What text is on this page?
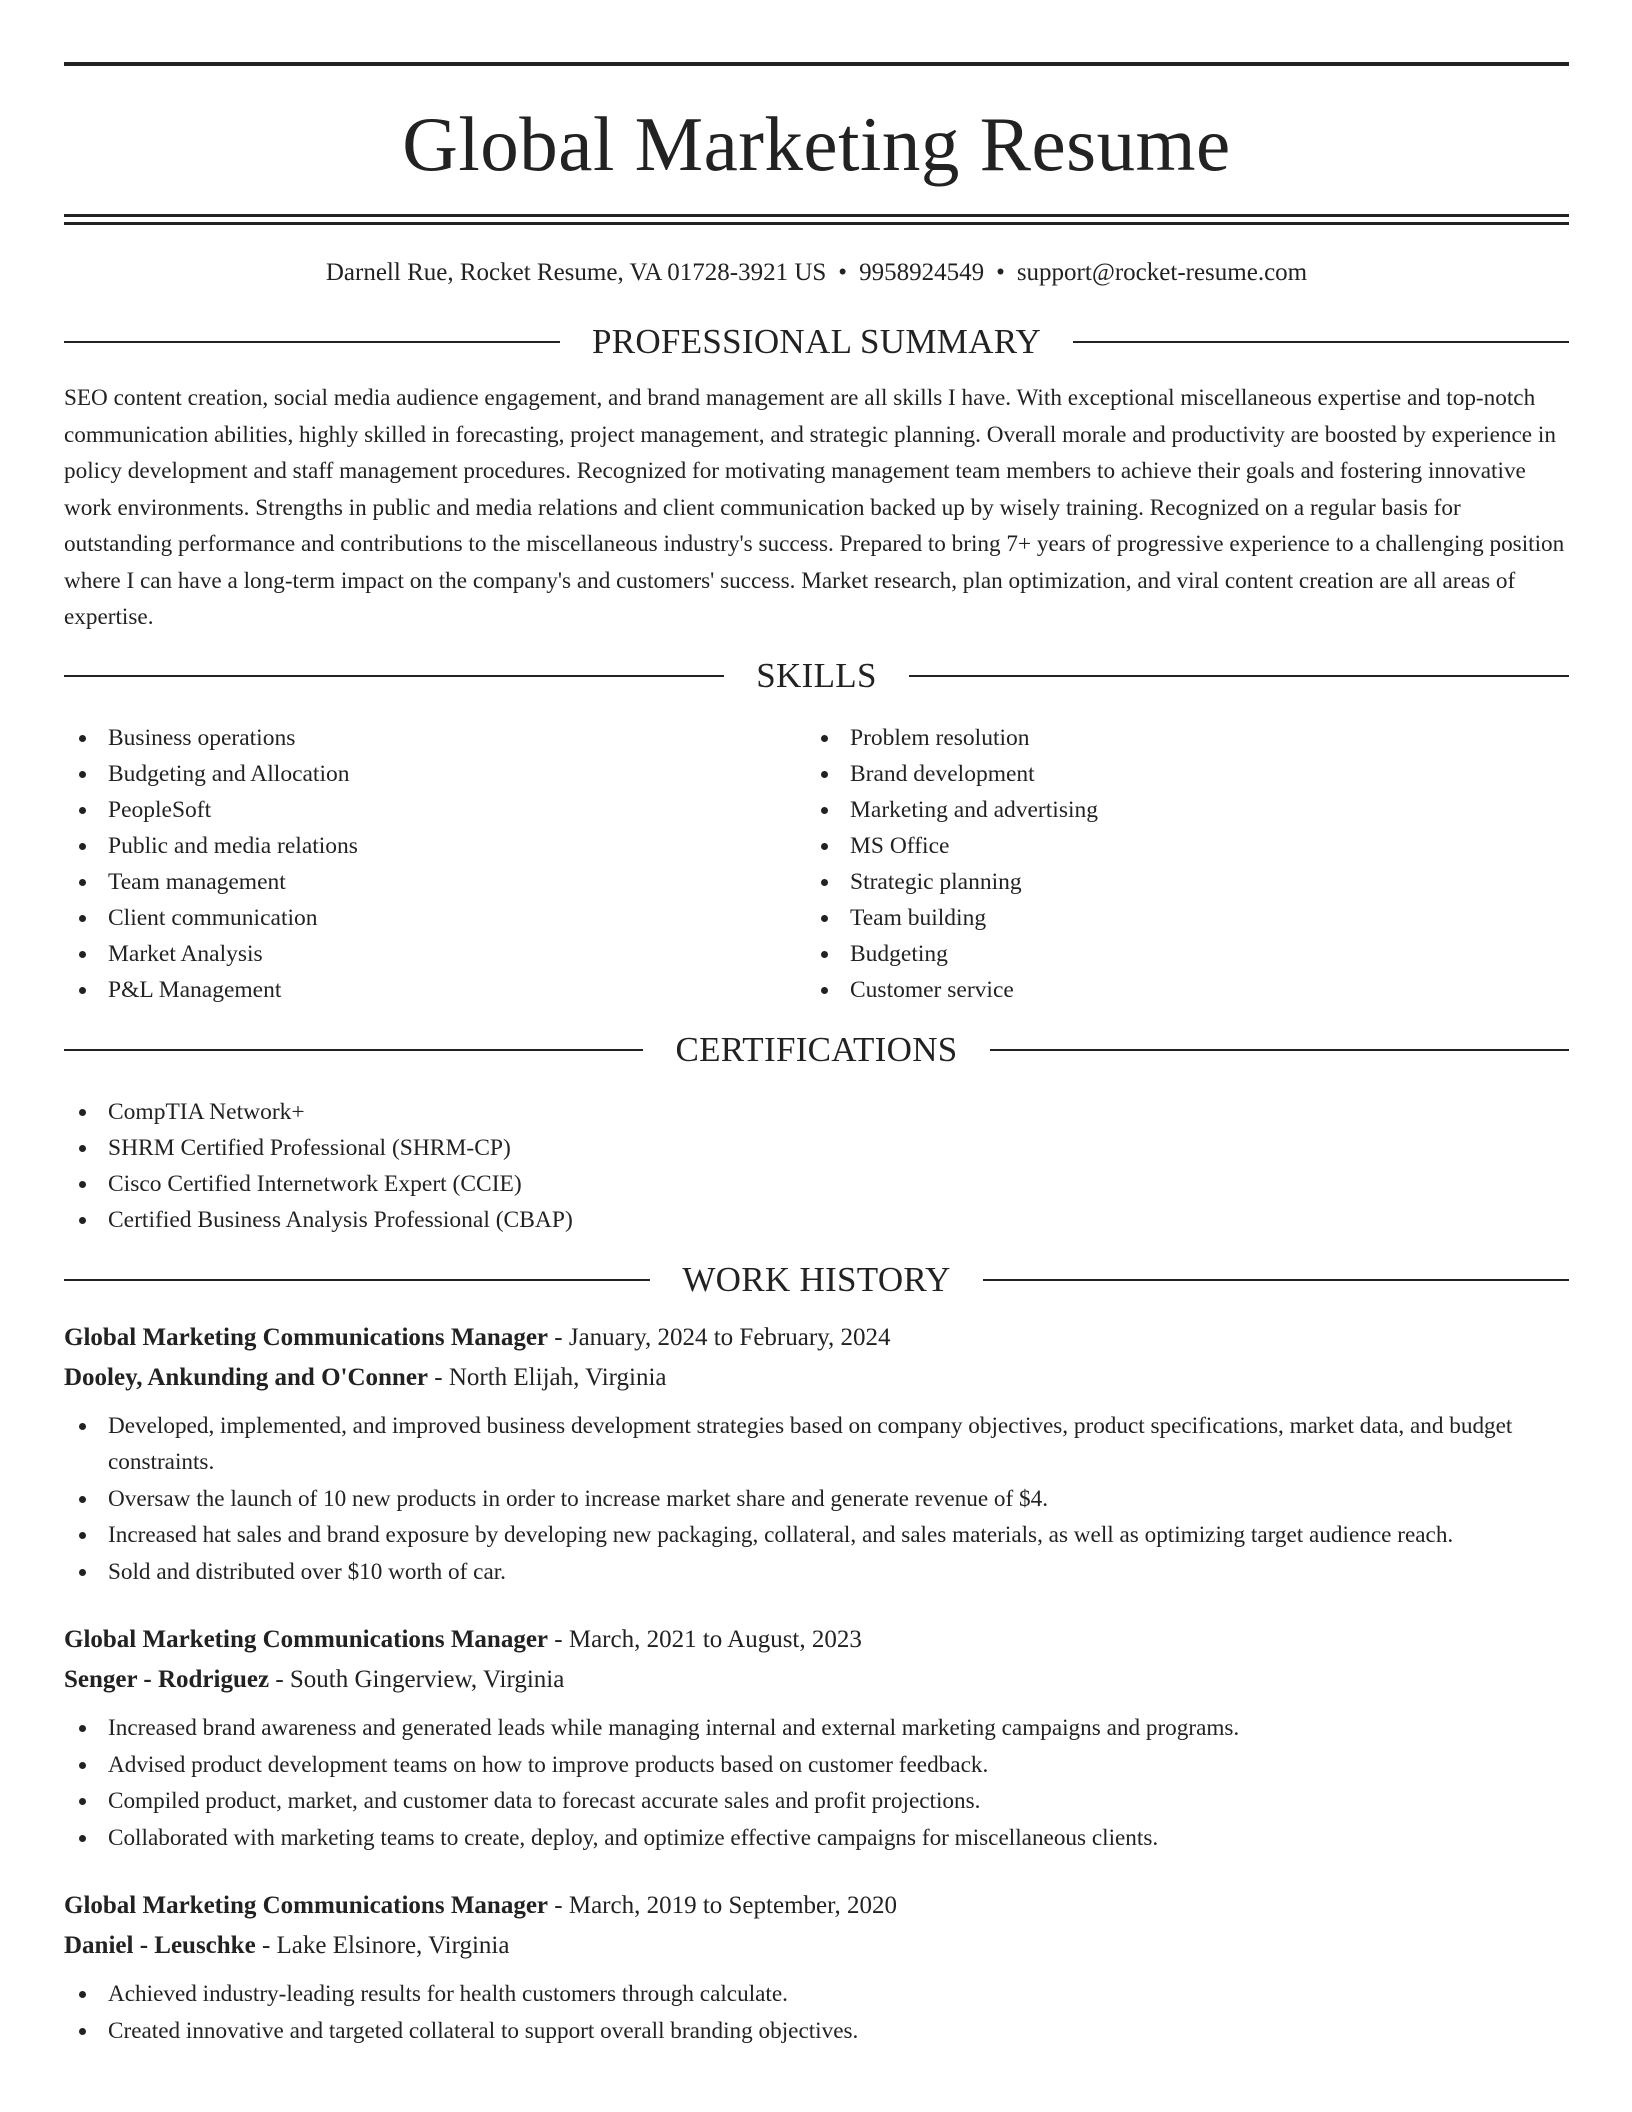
Global Marketing Resume
Darnell Rue, Rocket Resume, VA 01728-3921 US • 9958924549 • support@rocket-resume.com
PROFESSIONAL SUMMARY

SEO content creation, social media audience engagement, and brand management are all skills I have. With exceptional miscellaneous expertise and top-notch communication abilities, highly skilled in forecasting, project management, and strategic planning. Overall morale and productivity are boosted by experience in policy development and staff management procedures. Recognized for motivating management team members to achieve their goals and fostering innovative work environments. Strengths in public and media relations and client communication backed up by wisely training. Recognized on a regular basis for outstanding performance and contributions to the miscellaneous industry's success. Prepared to bring 7+ years of progressive experience to a challenging position where I can have a long-term impact on the company's and customers' success. Market research, plan optimization, and viral content creation are all areas of expertise.

SKILLS
Business operations
Budgeting and Allocation
PeopleSoft
Public and media relations
Team management
Client communication
Market Analysis
P&L Management
Problem resolution
Brand development
Marketing and advertising
MS Office
Strategic planning
Team building
Budgeting
Customer service
CERTIFICATIONS
CompTIA Network+
SHRM Certified Professional (SHRM-CP)
Cisco Certified Internetwork Expert (CCIE)
Certified Business Analysis Professional (CBAP)
WORK HISTORY
Global Marketing Communications Manager - January, 2024 to February, 2024
Dooley, Ankunding and O'Conner - North Elijah, Virginia
Developed, implemented, and improved business development strategies based on company objectives, product specifications, market data, and budget constraints.
Oversaw the launch of 10 new products in order to increase market share and generate revenue of $4.
Increased hat sales and brand exposure by developing new packaging, collateral, and sales materials, as well as optimizing target audience reach.
Sold and distributed over $10 worth of car.
Global Marketing Communications Manager - March, 2021 to August, 2023
Senger - Rodriguez - South Gingerview, Virginia
Increased brand awareness and generated leads while managing internal and external marketing campaigns and programs.
Advised product development teams on how to improve products based on customer feedback.
Compiled product, market, and customer data to forecast accurate sales and profit projections.
Collaborated with marketing teams to create, deploy, and optimize effective campaigns for miscellaneous clients.
Global Marketing Communications Manager - March, 2019 to September, 2020
Daniel - Leuschke - Lake Elsinore, Virginia
Achieved industry-leading results for health customers through calculate.
Created innovative and targeted collateral to support overall branding objectives.
